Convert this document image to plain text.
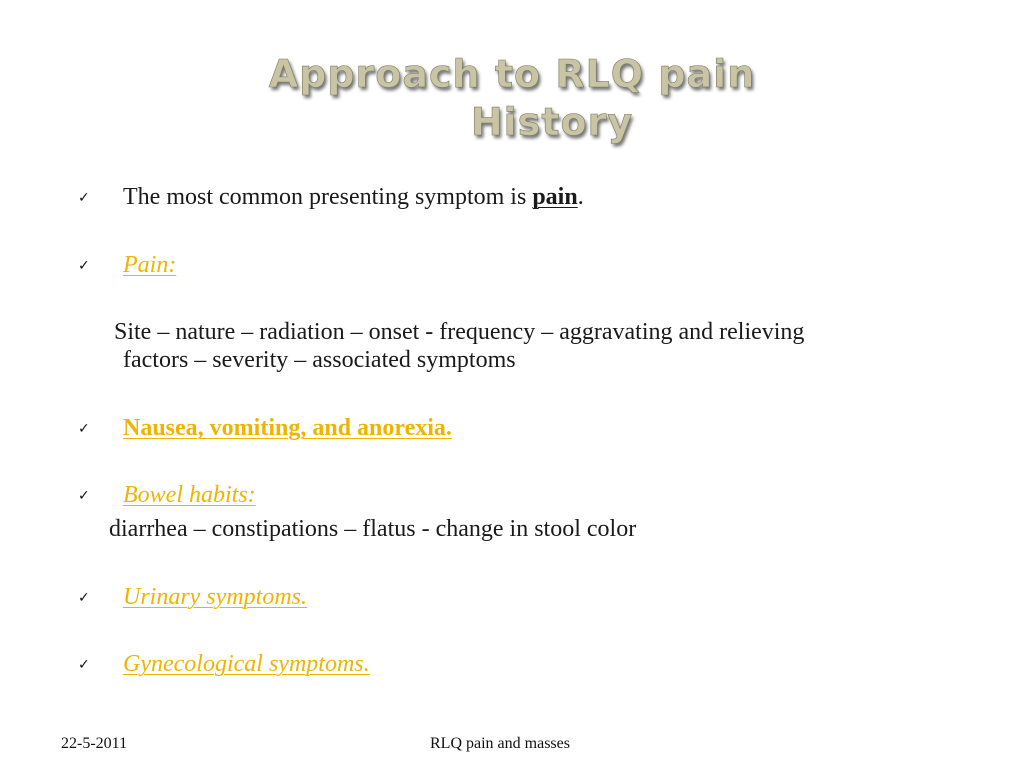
Approach to RLQ pain
History
✓ The most common presenting symptom is pain.
✓ Pain:
Site – nature – radiation – onset - frequency – aggravating and relieving
factors – severity – associated symptoms
✓ Nausea, vomiting, and anorexia.
✓ Bowel habits:
diarrhea – constipations – flatus - change in stool color
✓ Urinary symptoms.
✓ Gynecological symptoms.
22-5-2011	RLQ pain and masses
